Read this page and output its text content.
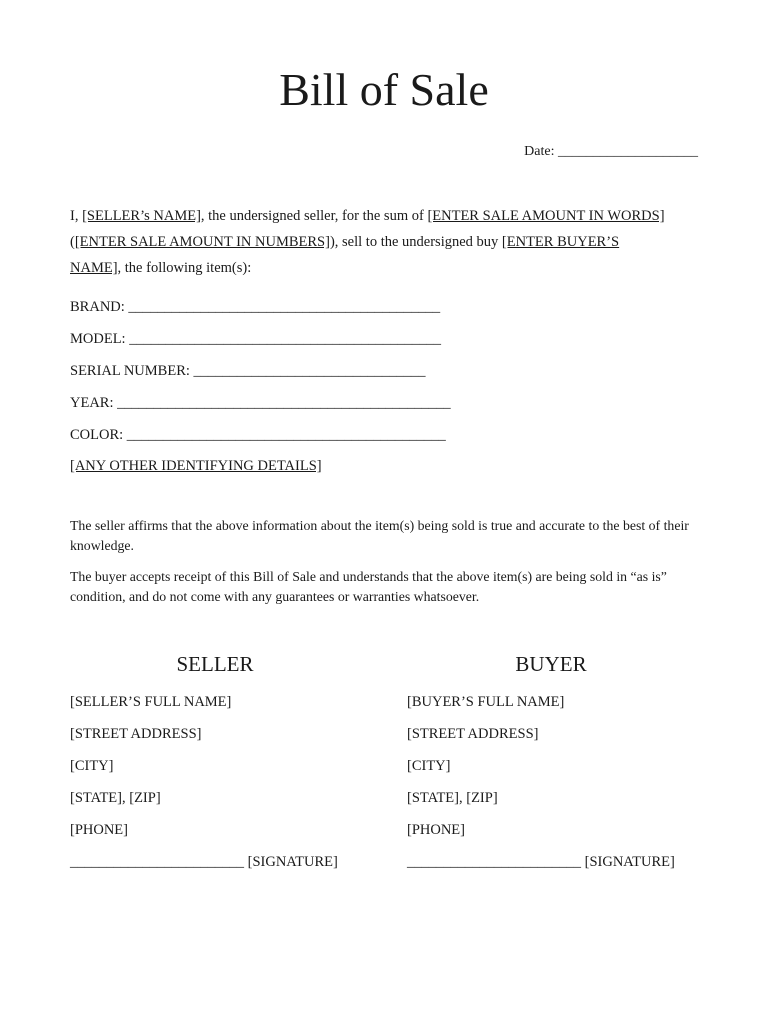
Bill of Sale
Date: ____________________

I, [SELLER’s NAME], the undersigned seller, for the sum of [ENTER SALE AMOUNT IN WORDS] ([ENTER SALE AMOUNT IN NUMBERS]), sell to the undersigned buy [ENTER BUYER’S NAME], the following item(s):

BRAND: ___________________________________________
MODEL: ___________________________________________
SERIAL NUMBER: ________________________________
YEAR: ______________________________________________
COLOR: ____________________________________________
[ANY OTHER IDENTIFYING DETAILS]

The seller affirms that the above information about the item(s) being sold is true and accurate to the best of their knowledge.

The buyer accepts receipt of this Bill of Sale and understands that the above item(s) are being sold in “as is” condition, and do not come with any guarantees or warranties whatsoever.

SELLER	BUYER
[SELLER’S FULL NAME]
[STREET ADDRESS]
[CITY]
[STATE], [ZIP]
[PHONE]
________________________ [SIGNATURE]
[BUYER’S FULL NAME]
[STREET ADDRESS]
[CITY]
[STATE], [ZIP]
[PHONE]
________________________ [SIGNATURE]
